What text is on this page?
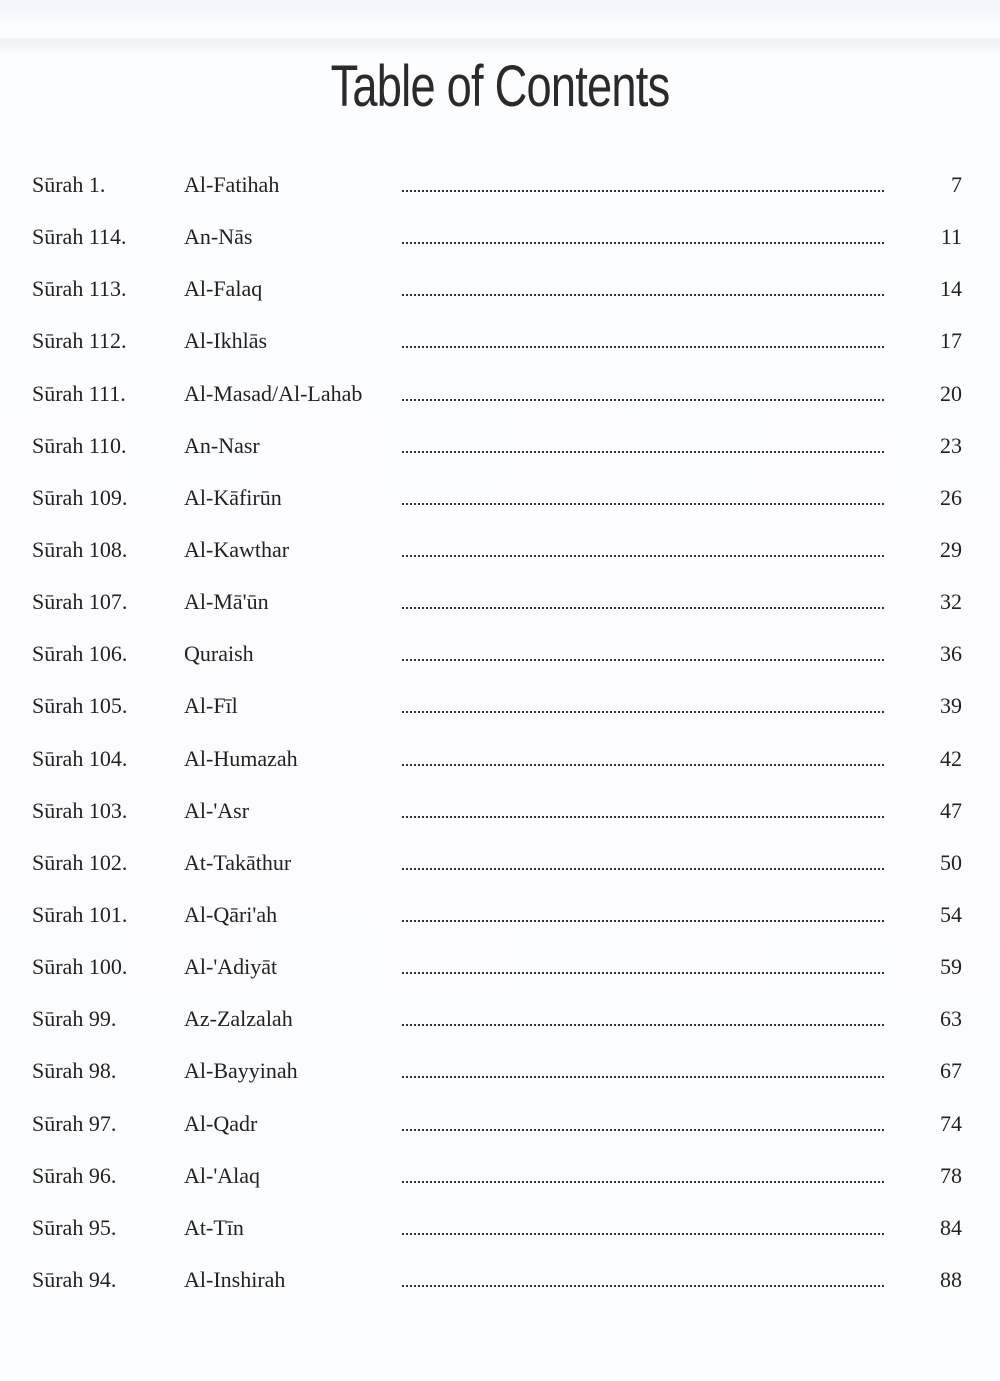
Table of Contents
Sūrah 1.	Al-Fatihah	7
Sūrah 114.	An-Nās	11
Sūrah 113.	Al-Falaq	14
Sūrah 112.	Al-Ikhlās	17
Sūrah 111.	Al-Masad/Al-Lahab	20
Sūrah 110.	An-Nasr	23
Sūrah 109.	Al-Kāfirūn	26
Sūrah 108.	Al-Kawthar	29
Sūrah 107.	Al-Mā'ūn	32
Sūrah 106.	Quraish	36
Sūrah 105.	Al-Fīl	39
Sūrah 104.	Al-Humazah	42
Sūrah 103.	Al-'Asr	47
Sūrah 102.	At-Takāthur	50
Sūrah 101.	Al-Qāri'ah	54
Sūrah 100.	Al-'Adiyāt	59
Sūrah 99.	Az-Zalzalah	63
Sūrah 98.	Al-Bayyinah	67
Sūrah 97.	Al-Qadr	74
Sūrah 96.	Al-'Alaq	78
Sūrah 95.	At-Tīn	84
Sūrah 94.	Al-Inshirah	88
